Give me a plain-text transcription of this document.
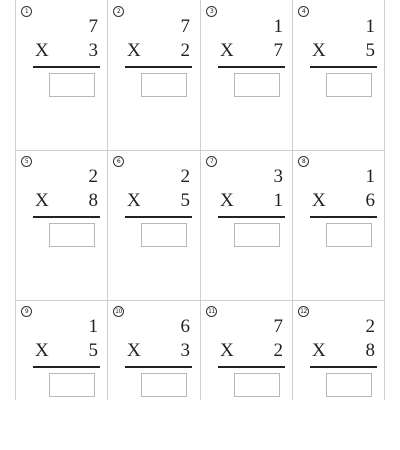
1
7
X 3
2
7
X 2
3
1
X 7
4
1
X 5
5
2
X 8
6
2
X 5
7
3
X 1
8
1
X 6
9
1
X 5
10
6
X 3
11
7
X 2
12
2
X 8
